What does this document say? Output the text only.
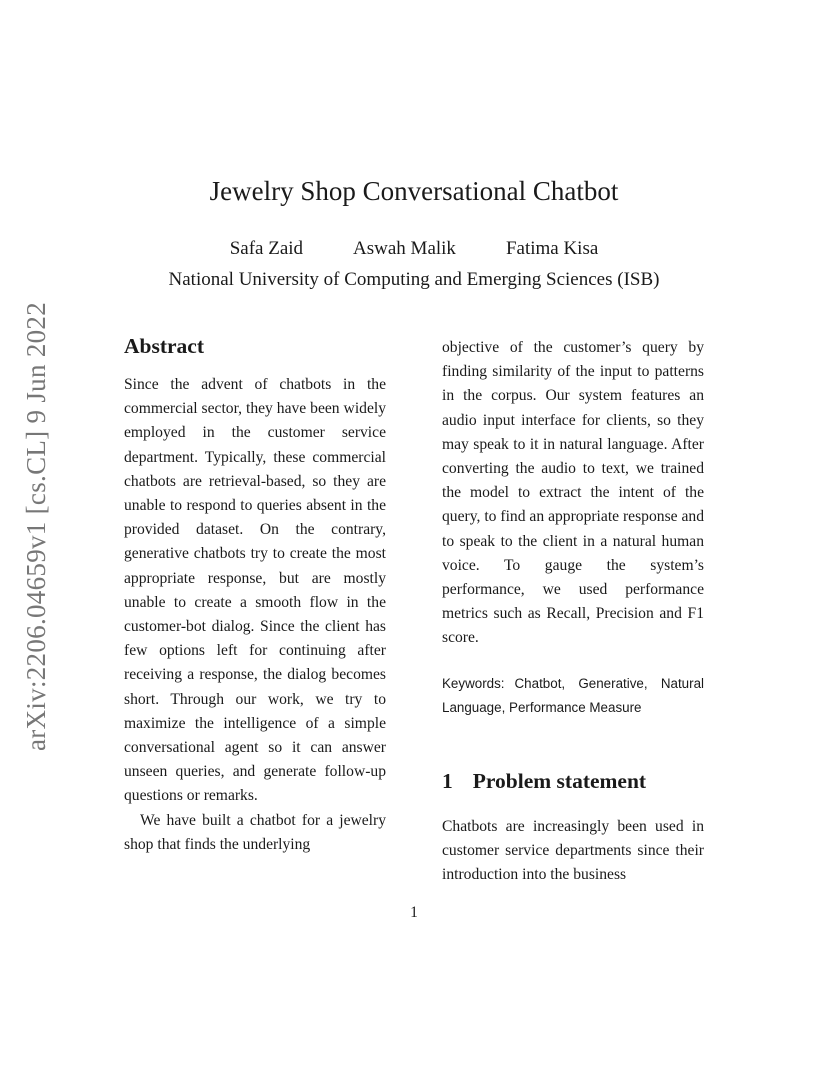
arXiv:2206.04659v1 [cs.CL] 9 Jun 2022
Jewelry Shop Conversational Chatbot
Safa Zaid	Aswah Malik	Fatima Kisa
National University of Computing and Emerging Sciences (ISB)
Abstract

Since the advent of chatbots in the commercial sector, they have been widely employed in the customer service department. Typically, these commercial chatbots are retrieval-based, so they are unable to respond to queries absent in the provided dataset. On the contrary, generative chatbots try to create the most appropriate response, but are mostly unable to create a smooth flow in the customer-bot dialog. Since the client has few options left for continuing after receiving a response, the dialog becomes short. Through our work, we try to maximize the intelligence of a simple conversational agent so it can answer unseen queries, and generate follow-up questions or remarks.

We have built a chatbot for a jewelry shop that finds the underlying

objective of the customer’s query by finding similarity of the input to patterns in the corpus. Our system features an audio input interface for clients, so they may speak to it in natural language. After converting the audio to text, we trained the model to extract the intent of the query, to find an appropriate response and to speak to the client in a natural human voice. To gauge the system’s performance, we used performance metrics such as Recall, Precision and F1 score.

Keywords: Chatbot, Generative, Natural Language, Performance Measure
1 Problem statement

Chatbots are increasingly been used in customer service departments since their introduction into the business

1
